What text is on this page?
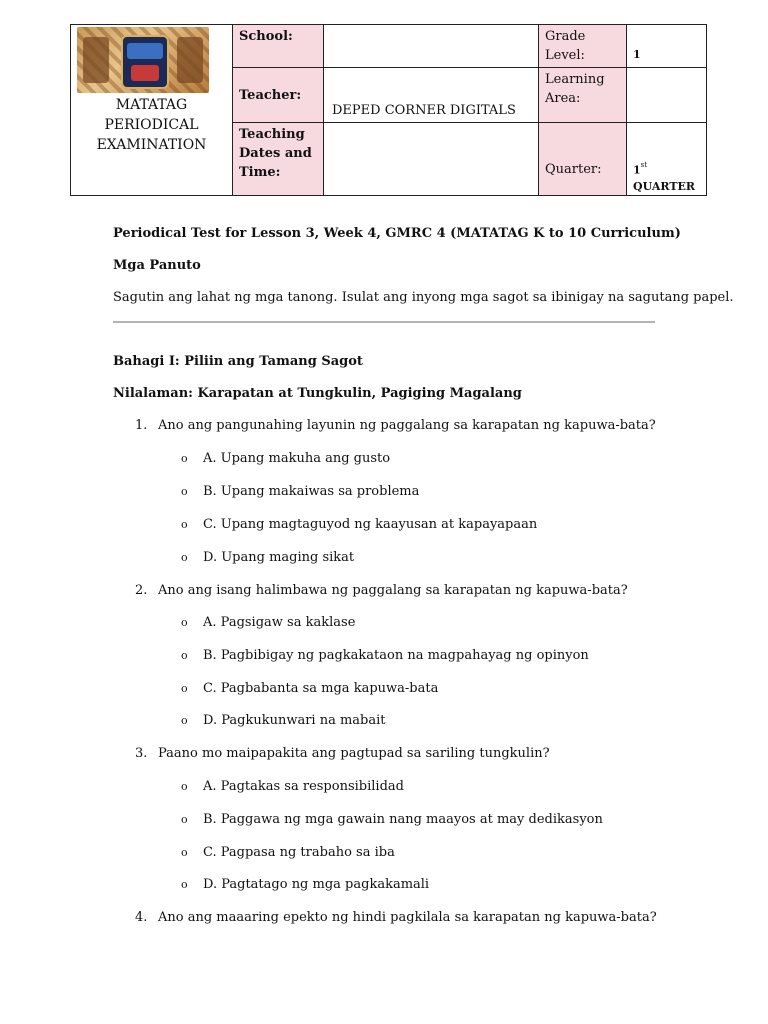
MATATAG
PERIODICAL
EXAMINATION	School:		Grade Level:	1
	Teacher:	DEPED CORNER DIGITALS	Learning Area:	
	Teaching Dates and Time:		Quarter:	1st
QUARTER
Periodical Test for Lesson 3, Week 4, GMRC 4 (MATATAG K to 10 Curriculum)
Mga Panuto
Sagutin ang lahat ng mga tanong. Isulat ang inyong mga sagot sa ibinigay na sagutang papel.
Bahagi I: Piliin ang Tamang Sagot
Nilalaman: Karapatan at Tungkulin, Pagiging Magalang
1. Ano ang pangunahing layunin ng paggalang sa karapatan ng kapuwa-bata?
o A. Upang makuha ang gusto
o B. Upang makaiwas sa problema
o C. Upang magtaguyod ng kaayusan at kapayapaan
o D. Upang maging sikat
2. Ano ang isang halimbawa ng paggalang sa karapatan ng kapuwa-bata?
o A. Pagsigaw sa kaklase
o B. Pagbibigay ng pagkakataon na magpahayag ng opinyon
o C. Pagbabanta sa mga kapuwa-bata
o D. Pagkukunwari na mabait
3. Paano mo maipapakita ang pagtupad sa sariling tungkulin?
o A. Pagtakas sa responsibilidad
o B. Paggawa ng mga gawain nang maayos at may dedikasyon
o C. Pagpasa ng trabaho sa iba
o D. Pagtatago ng mga pagkakamali
4. Ano ang maaaring epekto ng hindi pagkilala sa karapatan ng kapuwa-bata?
